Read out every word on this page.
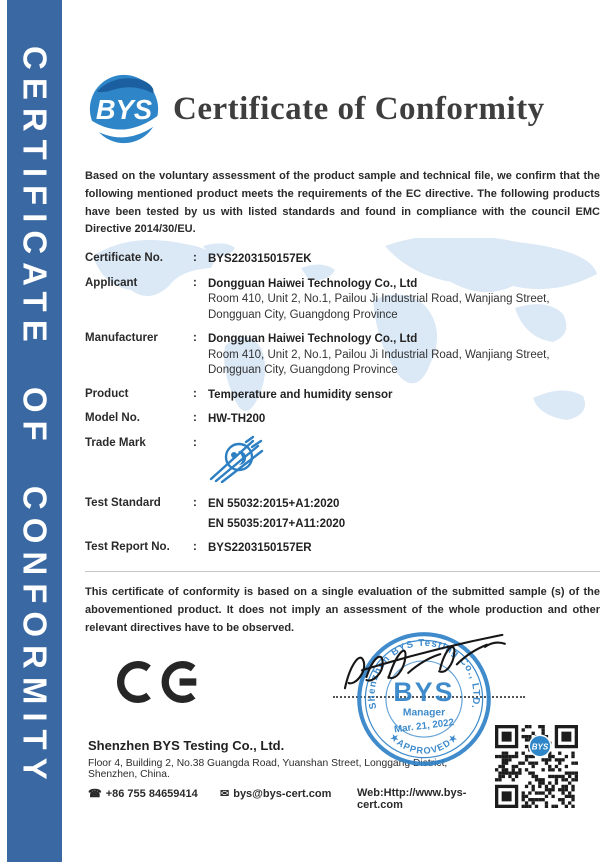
CERTIFICATE OF CONFORMITY BYS Certificate of Conformity

Based on the voluntary assessment of the product sample and technical file, we confirm that the following mentioned product meets the requirements of the EC directive. The following products have been tested by us with listed standards and found in compliance with the council EMC Directive 2014/30/EU.

Certificate No.	: BYS2203150157EK
Applicant	: Dongguan Haiwei Technology Co., Ltd
Room 410, Unit 2, No.1, Pailou Ji Industrial Road, Wanjiang Street,
Dongguan City, Guangdong Province
Manufacturer	: Dongguan Haiwei Technology Co., Ltd
Room 410, Unit 2, No.1, Pailou Ji Industrial Road, Wanjiang Street,
Dongguan City, Guangdong Province
Product	: Temperature and humidity sensor
Model No.	: HW-TH200
Trade Mark	:
Test Standard	: EN 55032:2015+A1:2020
EN 55035:2017+A11:2020
Test Report No.	: BYS2203150157ER

This certificate of conformity is based on a single evaluation of the submitted sample (s) of the abovementioned product. It does not imply an assessment of the whole production and other relevant directives have to be observed.

Shenzhen BYS Testing Co., LTD.
★APPROVED★
BYS
Manager
Mar. 21, 2022
BYS
Shenzhen BYS Testing Co., Ltd.
Floor 4, Building 2, No.38 Guangda Road, Yuanshan Street, Longgang District, Shenzhen, China.
☎ +86 755 84659414	✉ bys@bys-cert.com	Web:Http://www.bys-cert.com
